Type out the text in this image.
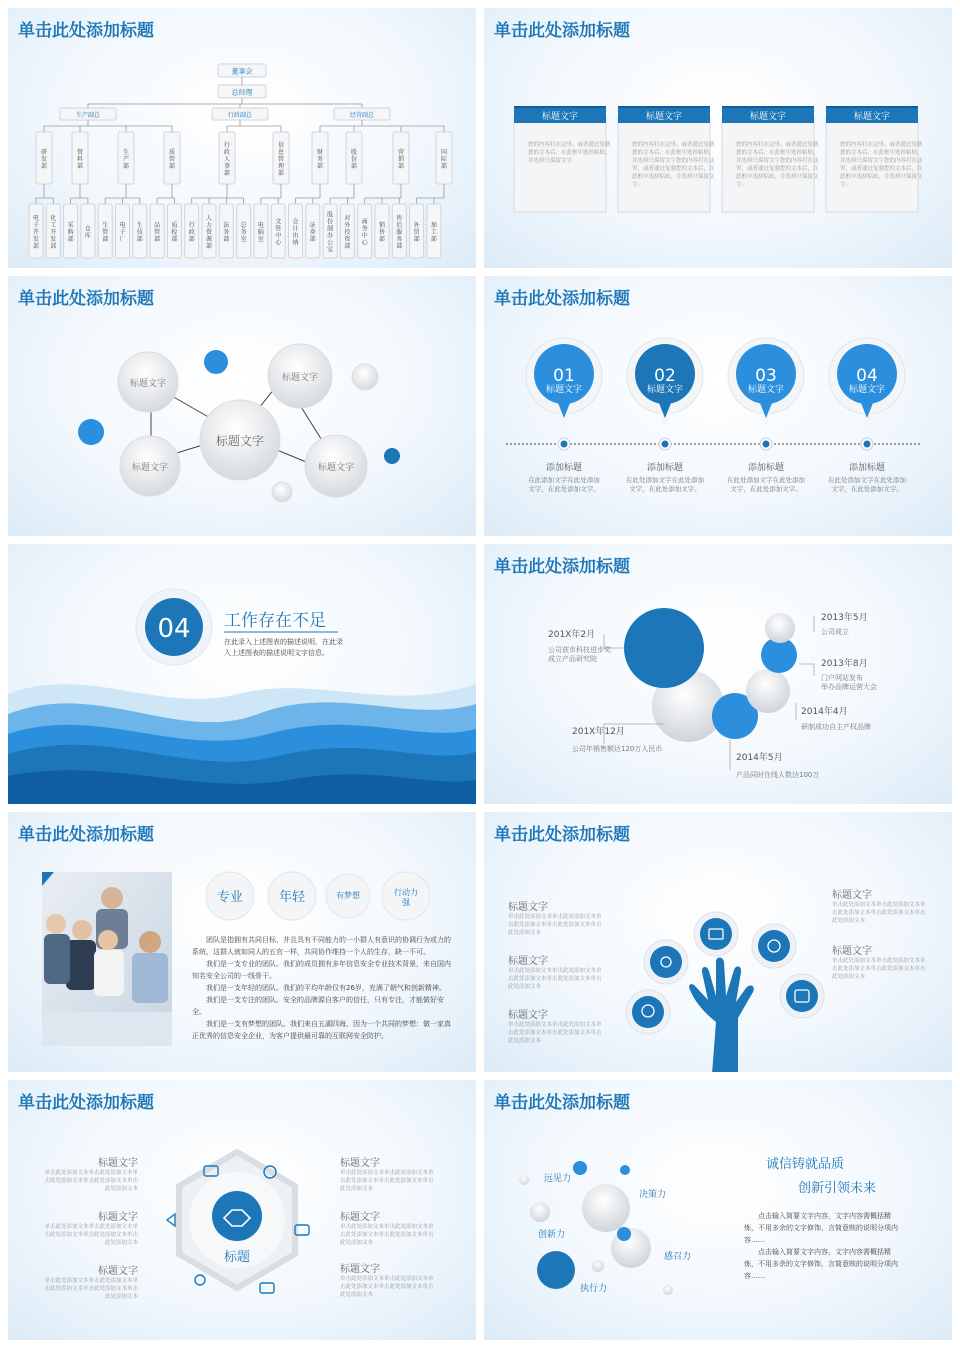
单击此处添加标题
董事会
总经理
生产副总	行政副总	经营副总
研
发
部
资
料
部
生
产
部
质
管
部
行
政
人
事
部
信
息
管
理
部
财
务
部
股
份
部
营
销
部
国
际
部
电
子
开
发
部
化
工
开
发
部
采
购
部
仓
库
生
管
部
电
子
厂
生
技
部
品
管
部
质
检
部
行
政
部
人
力
资
源
部
法
务
部
总
务
室
电
脑
室
文
管
中
心
会
计
出
纳
证
券
部
股
份
制
办
公
室
对
外
投
资
部
商
务
中
心
销
售
部
售
后
服
务
部
外
贸
部
加
工
部
单击此处添加标题
标题文字
您的内容打在这里，或者通过复制
您的文本后，在此框中选择粘贴，
并选择只保留文字
标题文字
您的内容打在这里，或者通过复制
您的文本后，在此框中选择粘贴，
并选择只保留文字您的内容打在这
里，或者通过复制您的文本后，在
此框中选择粘贴，并选择只保留文
字。
标题文字
您的内容打在这里，或者通过复制
您的文本后，在此框中选择粘贴，
并选择只保留文字您的内容打在这
里，或者通过复制您的文本后，在
此框中选择粘贴，并选择只保留文
字。
标题文字
您的内容打在这里，或者通过复制
您的文本后，在此框中选择粘贴，
并选择只保留文字您的内容打在这
里，或者通过复制您的文本后，在
此框中选择粘贴，并选择只保留文
字。
单击此处添加标题
标题文字
标题文字
标题文字
标题文字
标题文字
单击此处添加标题
01
标题文字
添加标题
在此添加文字在此处添加
文字，在此处添加文字。
02
标题文字
添加标题
在此处添加文字在此处添加
文字，在此处添加文字。
03
标题文字
添加标题
在此处添加文字在此处添加
文字，在此处添加文字。
04
标题文字
添加标题
在此处添加文字在此处添加
文字，在此处添加文字。
04 工作存在不足
在此录入上述图表的描述说明，在此录
入上述图表的描述说明文字信息。
单击此处添加标题
201X年2月
公司获市科技进步奖
成立产品研究院
201X年12月
公司年销售额达120万人民币
2013年5月
公司成立
2013年8月
门户网站发布
举办品牌运营大会
2014年4月
研制成功自主产权品牌
2014年5月
产品同时在线人数达100万
单击此处添加标题
专业	年轻	有梦想	行动力
强

团队是指拥有共同目标，并且具有不同能力的一小群人有意识的协调行为或力的系统，这群人就如同人的五官一样，共同协作维持一个人的生存，缺一不可。

我们是一支专业的团队。我们的成员拥有多年信息安全专业技术背景，来自国内知名安全公司的一线骨干。

我们是一支年轻的团队。我们的平均年龄仅有26岁，充满了朝气和创新精神。

我们是一支专注的团队。安全的品牌源自客户的信任，只有专注，才能做好安全。

我们是一支有梦想的团队。我们来自五湖四海，因为一个共同的梦想：做一家真正优秀的信息安全企业，为客户提供最可靠的互联网安全防护。

单击此处添加标题
标题文字
单击此处添加文本单击此处添加文本单击此处添加文本单击此处添加文本单击此处添加文本
标题文字
单击此处添加文本单击此处添加文本单击此处添加文本单击此处添加文本单击此处添加文本
标题文字
单击此处添加文本单击此处添加文本单击此处添加文本单击此处添加文本单击此处添加文本
标题文字
单击此处添加文本单击此处添加文本单击此处添加文本单击此处添加文本单击此处添加文本
标题文字
单击此处添加文本单击此处添加文本单击此处添加文本单击此处添加文本单击此处添加文本
单击此处添加标题
标题
标题文字
单击此处添加文本单击此处添加文本单击此处添加文本单击此处添加文本单击此处添加文本
标题文字
单击此处添加文本单击此处添加文本单击此处添加文本单击此处添加文本单击此处添加文本
标题文字
单击此处添加文本单击此处添加文本单击此处添加文本单击此处添加文本单击此处添加文本
标题文字
单击此处添加文本单击此处添加文本单击此处添加文本单击此处添加文本单击此处添加文本
标题文字
单击此处添加文本单击此处添加文本单击此处添加文本单击此处添加文本单击此处添加文本
标题文字
单击此处添加文本单击此处添加文本单击此处添加文本单击此处添加文本单击此处添加文本
单击此处添加标题
远见力
决策力
创新力
感召力
执行力
诚信铸就品质
创新引领未来

点击输入简要文字内容，文字内容需概括精炼，不用多余的文字修饰，言简意赅的说明分项内容……

点击输入简要文字内容，文字内容需概括精炼，不用多余的文字修饰，言简意赅的说明分项内容……
